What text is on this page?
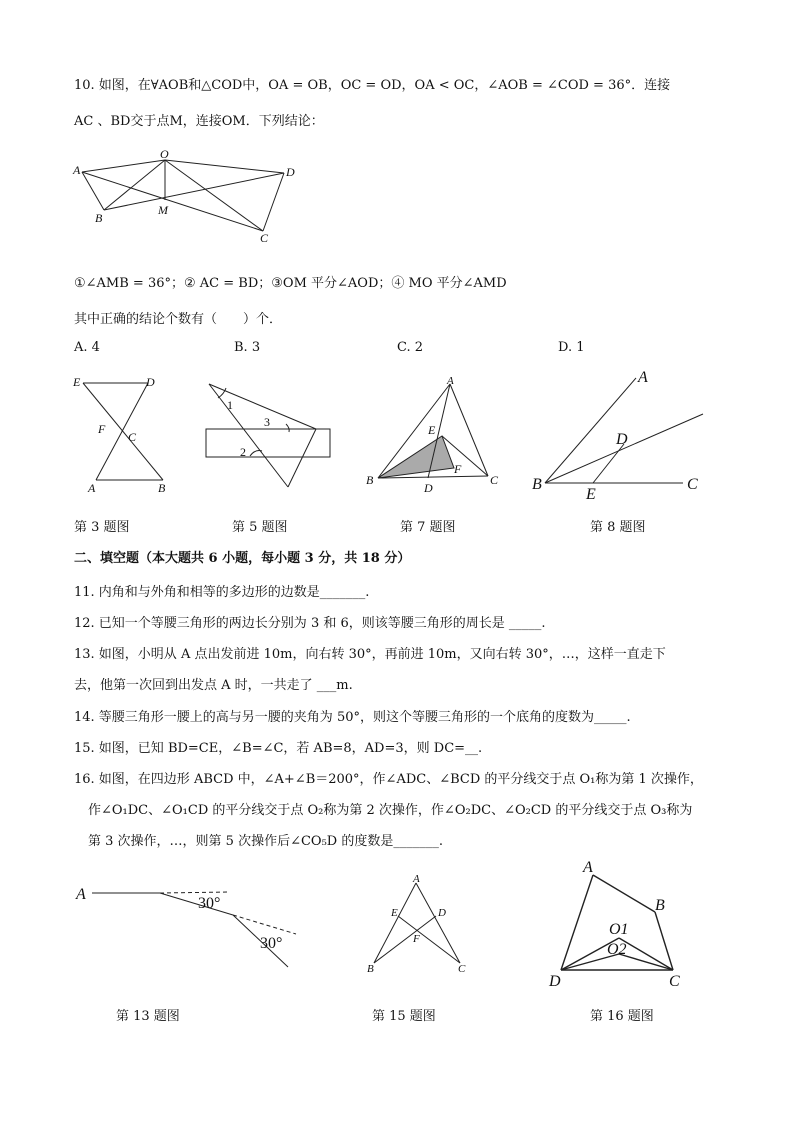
10. 如图，在∀AOB和△COD中，OA = OB，OC = OD，OA < OC，∠AOB = ∠COD = 36°．连接
AC 、BD交于点M，连接OM．下列结论：
A
O
D
B
M
C
①∠AMB = 36°；② AC = BD；③OM 平分∠AOD；④ MO 平分∠AMD
其中正确的结论个数有（　　）个．
A. 4	B. 3	C. 2	D. 1
E	D
F
C
A	B
1
3
2
A
E
F
B
D
C
A
D
B
E
C
第 3 题图	第 5 题图	第 7 题图	第 8 题图
二、填空题（本大题共 6 小题，每小题 3 分，共 18 分）
11. 内角和与外角和相等的多边形的边数是_______.
12. 已知一个等腰三角形的两边长分别为 3 和 6，则该等腰三角形的周长是 _____.
13. 如图，小明从 A 点出发前进 10m，向右转 30°，再前进 10m，又向右转 30°，…，这样一直走下
去，他第一次回到出发点 A 时，一共走了 ___m.
14. 等腰三角形一腰上的高与另一腰的夹角为 50°，则这个等腰三角形的一个底角的度数为_____.
15. 如图，已知 BD=CE，∠B=∠C，若 AB=8，AD=3，则 DC=__.
16. 如图，在四边形 ABCD 中，∠A+∠B＝200°，作∠ADC、∠BCD 的平分线交于点 O₁称为第 1 次操作，
作∠O₁DC、∠O₁CD 的平分线交于点 O₂称为第 2 次操作，作∠O₂DC、∠O₂CD 的平分线交于点 O₃称为
第 3 次操作，…，则第 5 次操作后∠CO₅D 的度数是_______.
A
30°
30°
A
E	D
F
B	C
A
B
O1
O2
D	C
第 13 题图	第 15 题图	第 16 题图
